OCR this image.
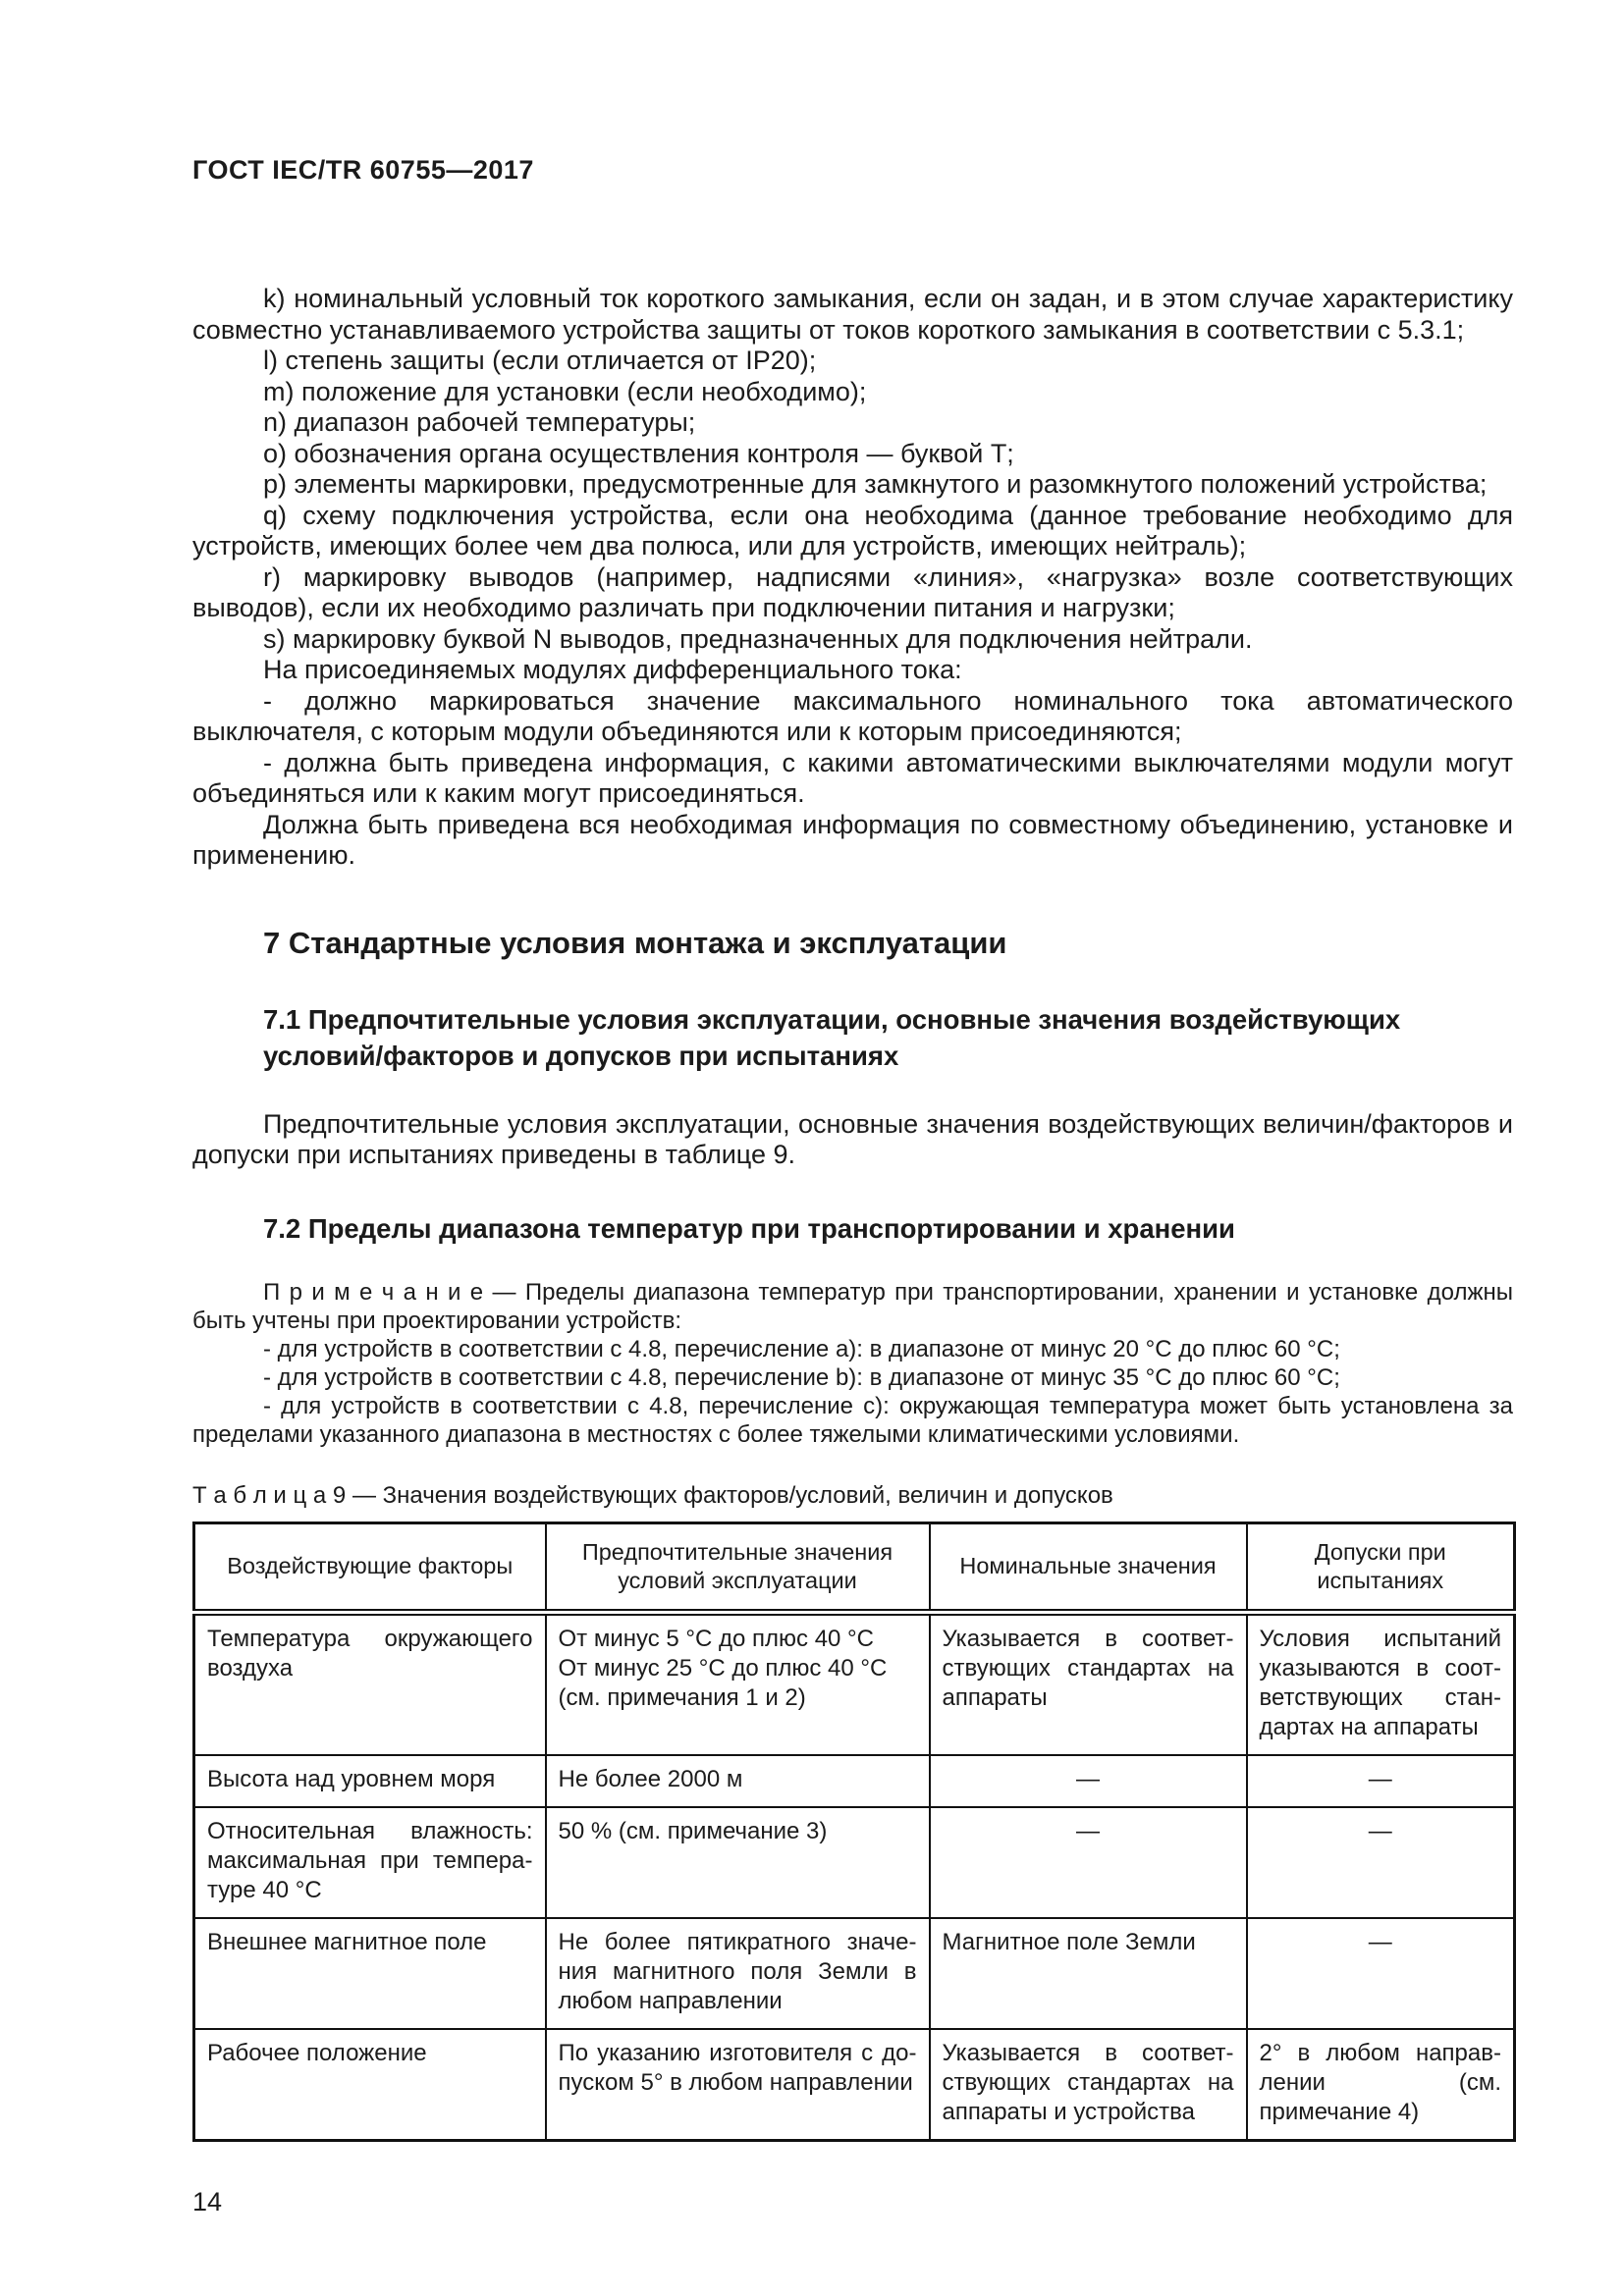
ГОСТ IEC/TR 60755—2017

k) номинальный условный ток короткого замыкания, если он задан, и в этом случае характеристику совместно устанавливаемого устройства защиты от токов короткого замыкания в соответствии с 5.3.1;

l) степень защиты (если отличается от IP20);

m) положение для установки (если необходимо);

n) диапазон рабочей температуры;

o) обозначения органа осуществления контроля — буквой Т;

p) элементы маркировки, предусмотренные для замкнутого и разомкнутого положений устройства;

q) схему подключения устройства, если она необходима (данное требование необходимо для устройств, имеющих более чем два полюса, или для устройств, имеющих нейтраль);

r) маркировку выводов (например, надписями «линия», «нагрузка» возле соответствующих выводов), если их необходимо различать при подключении питания и нагрузки;

s) маркировку буквой N выводов, предназначенных для подключения нейтрали.

На присоединяемых модулях дифференциального тока:

- должно маркироваться значение максимального номинального тока автоматического выключателя, с которым модули объединяются или к которым присоединяются;

- должна быть приведена информация, с какими автоматическими выключателями модули могут объединяться или к каким могут присоединяться.

Должна быть приведена вся необходимая информация по совместному объединению, установке и применению.

7 Стандартные условия монтажа и эксплуатации
7.1 Предпочтительные условия эксплуатации, основные значения воздействующих условий/факторов и допусков при испытаниях

Предпочтительные условия эксплуатации, основные значения воздействующих величин/факторов и допуски при испытаниях приведены в таблице 9.

7.2 Пределы диапазона температур при транспортировании и хранении

П р и м е ч а н и е — Пределы диапазона температур при транспортировании, хранении и установке должны быть учтены при проектировании устройств:

- для устройств в соответствии с 4.8, перечисление a): в диапазоне от минус 20 °С до плюс 60 °С;

- для устройств в соответствии с 4.8, перечисление b): в диапазоне от минус 35 °С до плюс 60 °С;

- для устройств в соответствии с 4.8, перечисление c): окружающая температура может быть установлена за пределами указанного диапазона в местностях с более тяжелыми климатическими условиями.

Т а б л и ц а 9 — Значения воздействующих факторов/условий, величин и допусков
Воздействующие факторы	Предпочтительные значения условий эксплуатации	Номинальные значения	Допуски при испытаниях
Температура окружающего воздуха	От минус 5 °С до плюс 40 °С
От минус 25 °С до плюс 40 °С
(см. примечания 1 и 2)	Указывается в соответствующих стандартах на аппараты	Условия испытаний указываются в соответствующих стандартах на аппараты
Высота над уровнем моря	Не более 2000 м	—	—
Относительная влажность: максимальная при температуре 40 °С	50 % (см. примечание 3)	—	—
Внешнее магнитное поле	Не более пятикратного значения магнитного поля Земли в любом направлении	Магнитное поле Земли	—
Рабочее положение	По указанию изготовителя с допуском 5° в любом направлении	Указывается в соответствующих стандартах на аппараты и устройства	2° в любом направлении (см. примечание 4)
14
